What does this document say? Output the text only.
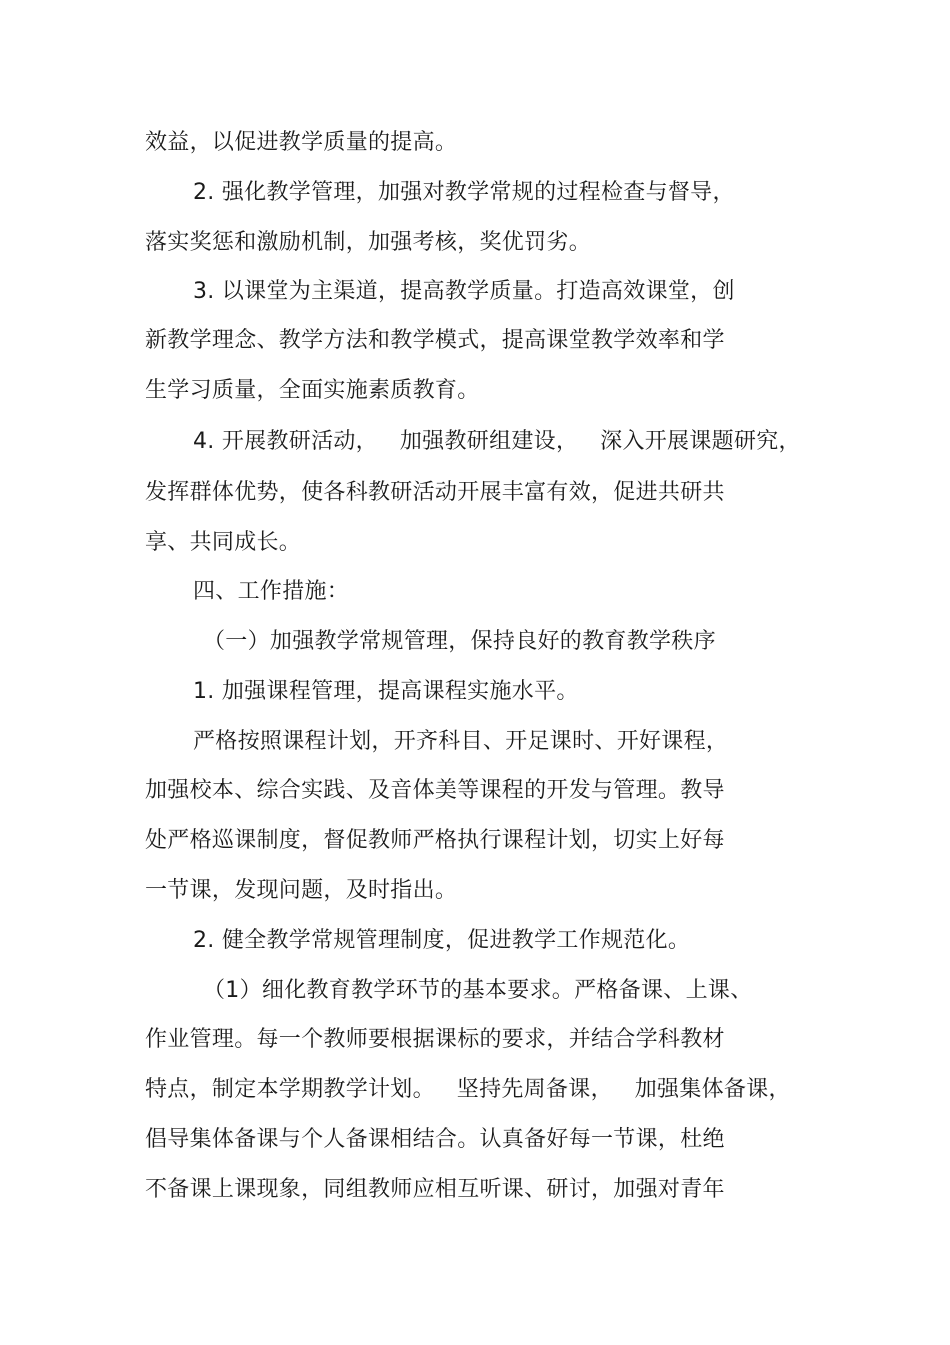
效益，以促进教学质量的提高。

2. 强化教学管理，加强对教学常规的过程检查与督导，

落实奖惩和激励机制，加强考核，奖优罚劣。

3. 以课堂为主渠道，提高教学质量。打造高效课堂，创

新教学理念、教学方法和教学模式，提高课堂教学效率和学

生学习质量，全面实施素质教育。

4. 开展教研活动，   加强教研组建设，   深入开展课题研究，

发挥群体优势，使各科教研活动开展丰富有效，促进共研共

享、共同成长。

四、工作措施：

（一）加强教学常规管理，保持良好的教育教学秩序

1. 加强课程管理，提高课程实施水平。

严格按照课程计划，开齐科目、开足课时、开好课程，

加强校本、综合实践、及音体美等课程的开发与管理。教导

处严格巡课制度，督促教师严格执行课程计划，切实上好每

一节课，发现问题，及时指出。

2. 健全教学常规管理制度，促进教学工作规范化。

（1）细化教育教学环节的基本要求。严格备课、上课、

作业管理。每一个教师要根据课标的要求，并结合学科教材

特点，制定本学期教学计划。   坚持先周备课，   加强集体备课，

倡导集体备课与个人备课相结合。认真备好每一节课，杜绝

不备课上课现象，同组教师应相互听课、研讨，加强对青年
